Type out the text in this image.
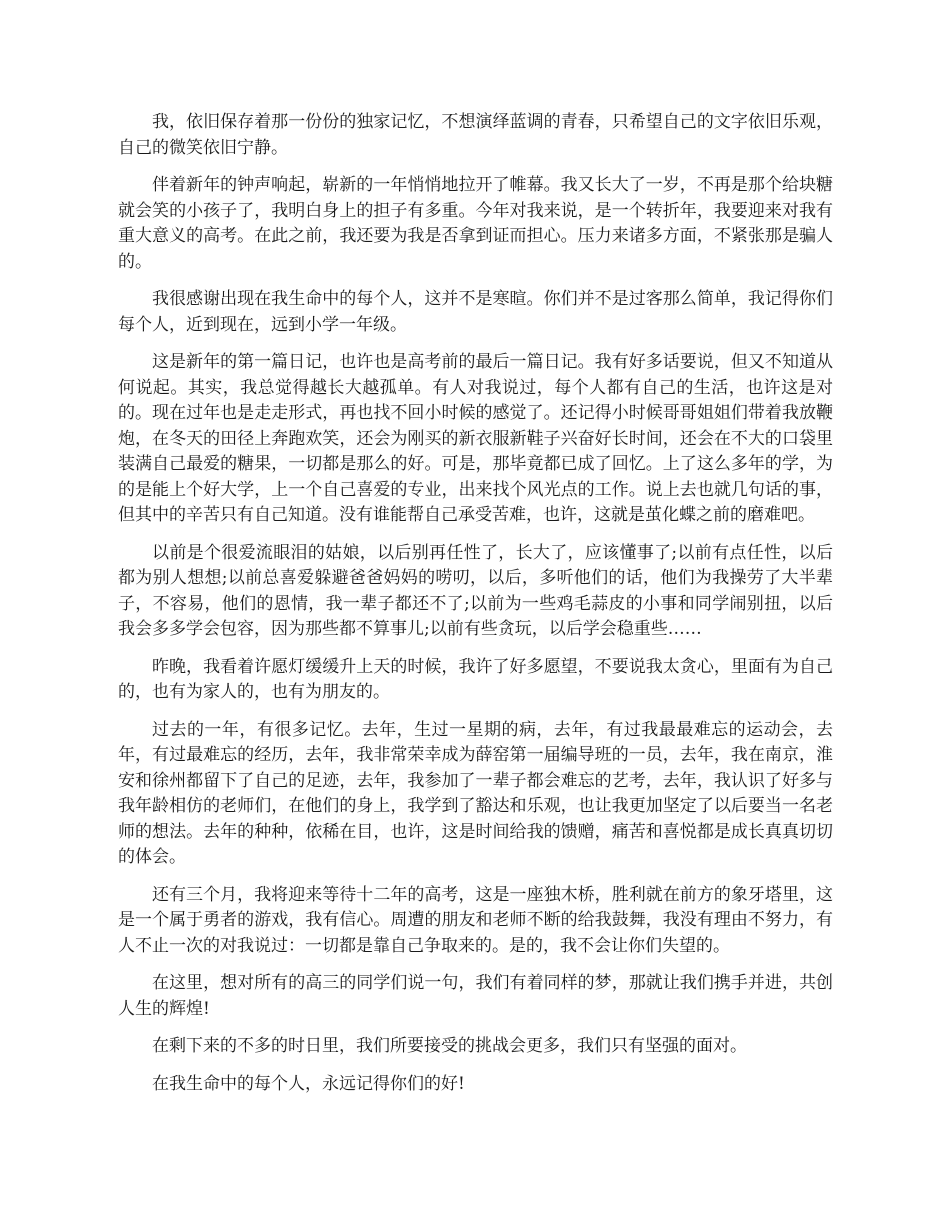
我，依旧保存着那一份份的独家记忆，不想演绎蓝调的青春，只希望自己的文字依旧乐观，自己的微笑依旧宁静。

伴着新年的钟声响起，崭新的一年悄悄地拉开了帷幕。我又长大了一岁，不再是那个给块糖就会笑的小孩子了，我明白身上的担子有多重。今年对我来说，是一个转折年，我要迎来对我有重大意义的高考。在此之前，我还要为我是否拿到证而担心。压力来诸多方面，不紧张那是骗人的。

我很感谢出现在我生命中的每个人，这并不是寒暄。你们并不是过客那么简单，我记得你们每个人，近到现在，远到小学一年级。

这是新年的第一篇日记，也许也是高考前的最后一篇日记。我有好多话要说，但又不知道从何说起。其实，我总觉得越长大越孤单。有人对我说过，每个人都有自己的生活，也许这是对的。现在过年也是走走形式，再也找不回小时候的感觉了。还记得小时候哥哥姐姐们带着我放鞭炮，在冬天的田径上奔跑欢笑，还会为刚买的新衣服新鞋子兴奋好长时间，还会在不大的口袋里装满自己最爱的糖果，一切都是那么的好。可是，那毕竟都已成了回忆。上了这么多年的学，为的是能上个好大学，上一个自己喜爱的专业，出来找个风光点的工作。说上去也就几句话的事，但其中的辛苦只有自己知道。没有谁能帮自己承受苦难，也许，这就是茧化蝶之前的磨难吧。

以前是个很爱流眼泪的姑娘，以后别再任性了，长大了，应该懂事了;以前有点任性，以后都为别人想想;以前总喜爱躲避爸爸妈妈的唠叨，以后，多听他们的话，他们为我操劳了大半辈子，不容易，他们的恩情，我一辈子都还不了;以前为一些鸡毛蒜皮的小事和同学闹别扭，以后我会多多学会包容，因为那些都不算事儿;以前有些贪玩，以后学会稳重些……

昨晚，我看着许愿灯缓缓升上天的时候，我许了好多愿望，不要说我太贪心，里面有为自己的，也有为家人的，也有为朋友的。

过去的一年，有很多记忆。去年，生过一星期的病，去年，有过我最最难忘的运动会，去年，有过最难忘的经历，去年，我非常荣幸成为薛窑第一届编导班的一员，去年，我在南京，淮安和徐州都留下了自己的足迹，去年，我参加了一辈子都会难忘的艺考，去年，我认识了好多与我年龄相仿的老师们，在他们的身上，我学到了豁达和乐观，也让我更加坚定了以后要当一名老师的想法。去年的种种，依稀在目，也许，这是时间给我的馈赠，痛苦和喜悦都是成长真真切切的体会。

还有三个月，我将迎来等待十二年的高考，这是一座独木桥，胜利就在前方的象牙塔里，这是一个属于勇者的游戏，我有信心。周遭的朋友和老师不断的给我鼓舞，我没有理由不努力，有人不止一次的对我说过：一切都是靠自己争取来的。是的，我不会让你们失望的。

在这里，想对所有的高三的同学们说一句，我们有着同样的梦，那就让我们携手并进，共创人生的辉煌!

在剩下来的不多的时日里，我们所要接受的挑战会更多，我们只有坚强的面对。

在我生命中的每个人，永远记得你们的好!
